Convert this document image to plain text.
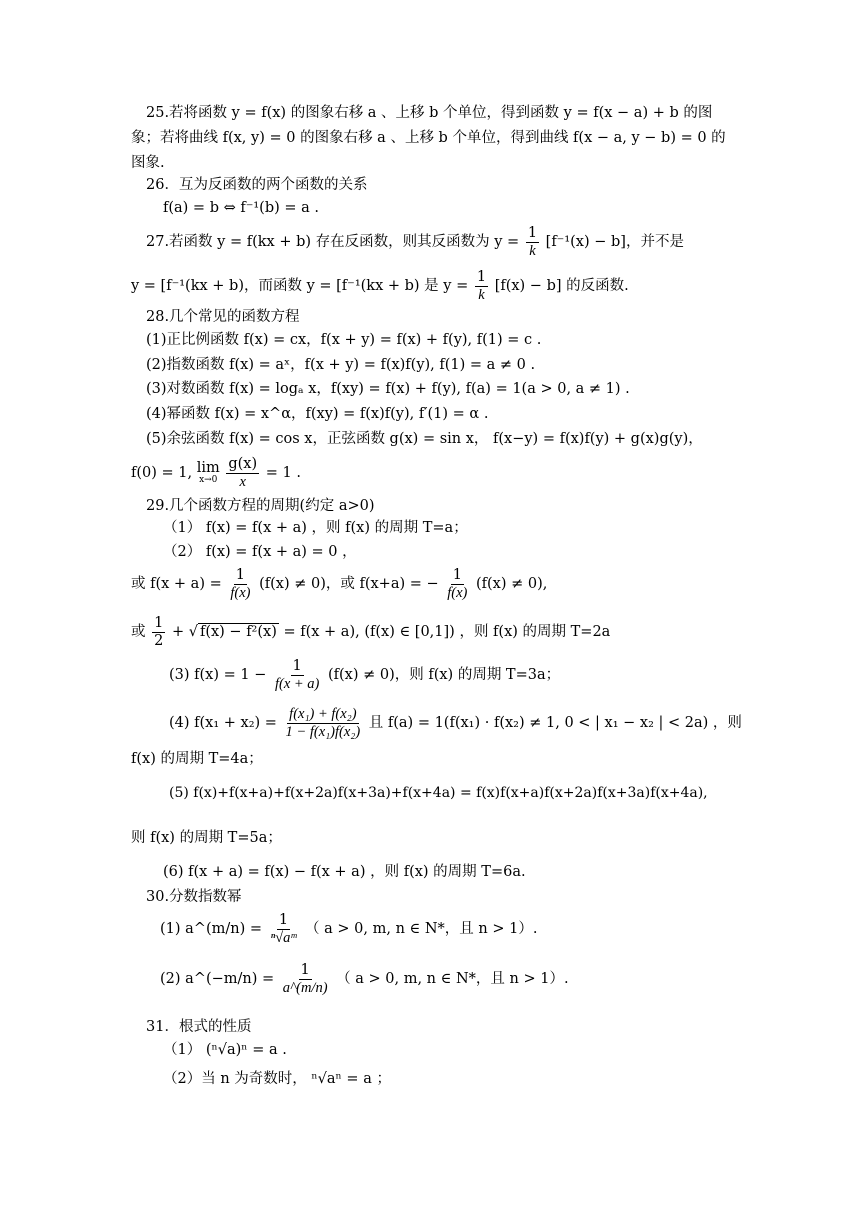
25.若将函数 y = f(x) 的图象右移 a 、上移 b 个单位，得到函数 y = f(x − a) + b 的图
象；若将曲线 f(x, y) = 0 的图象右移 a 、上移 b 个单位，得到曲线 f(x − a, y − b) = 0 的
图象.
26．互为反函数的两个函数的关系
f(a) = b ⇔ f⁻¹(b) = a .
27.若函数 y = f(kx + b) 存在反函数，则其反函数为 $y = \frac{1}{k} [f^{-1}(x) - b]$，并不是
y = [f⁻¹(kx + b)，而函数 y = [f⁻¹(kx + b) 是 $y = \frac{1}{k} [f(x) - b]$ 的反函数.
28.几个常见的函数方程
(1)正比例函数 f(x) = cx，f(x + y) = f(x) + f(y), f(1) = c .
(2)指数函数 f(x) = aˣ，f(x + y) = f(x)f(y), f(1) = a ≠ 0 .
(3)对数函数 f(x) = logₐ x，f(xy) = f(x) + f(y), f(a) = 1(a > 0, a ≠ 1) .
(4)幂函数 f(x) = x^α，f(xy) = f(x)f(y), f′(1) = α .
(5)余弦函数 f(x) = cos x，正弦函数 g(x) = sin x， f(x−y) = f(x)f(y) + g(x)g(y)，
f(0) = 1, lim
x→0
$\frac{g(x)}{x} = 1$ .
29.几个函数方程的周期(约定 a>0)
（1） f(x) = f(x + a) ，则 f(x) 的周期 T=a；
（2） f(x) = f(x + a) = 0 ，
或 $f(x + a) = \frac{1}{f(x)} (f(x) \ne 0)$，或 f(x+a) = − $\frac{1}{f(x)} (f(x) \ne 0)$,
或 $\frac{1}{2}$ + √ f(x) − f²(x) = f(x + a), (f(x) ∈ [0,1]) ，则 f(x) 的周期 T=2a
(3) $f(x) = 1 - \frac{1}{f(x + a)} (f(x) \ne 0)$，则 f(x) 的周期 T=3a；
(4) $f(x_1 + x_2) = \frac{\text{f(x₁) + f(x₂)}}{\text{1 − f(x₁)f(x₂)}}$ 且 f(a) = 1(f(x₁) · f(x₂) ≠ 1, 0 < | x₁ − x₂ | < 2a) ，则
f(x) 的周期 T=4a；
(5) f(x)+f(x+a)+f(x+2a)f(x+3a)+f(x+4a) = f(x)f(x+a)f(x+2a)f(x+3a)f(x+4a),
则 f(x) 的周期 T=5a；
(6) f(x + a) = f(x) − f(x + a) ，则 f(x) 的周期 T=6a.
30.分数指数幂
(1) a^(m/n) = $\frac{1}{\text{ⁿ√aᵐ}}$ （ a > 0, m, n ∈ N*，且 n > 1）.
(2) a^(−m/n) = $\frac{1}{a\^{}(m/n)}$ （ a > 0, m, n ∈ N*，且 n > 1）.
31．根式的性质
（1） (ⁿ√a)ⁿ = a .
（2）当 n 为奇数时， ⁿ√aⁿ = a ；
